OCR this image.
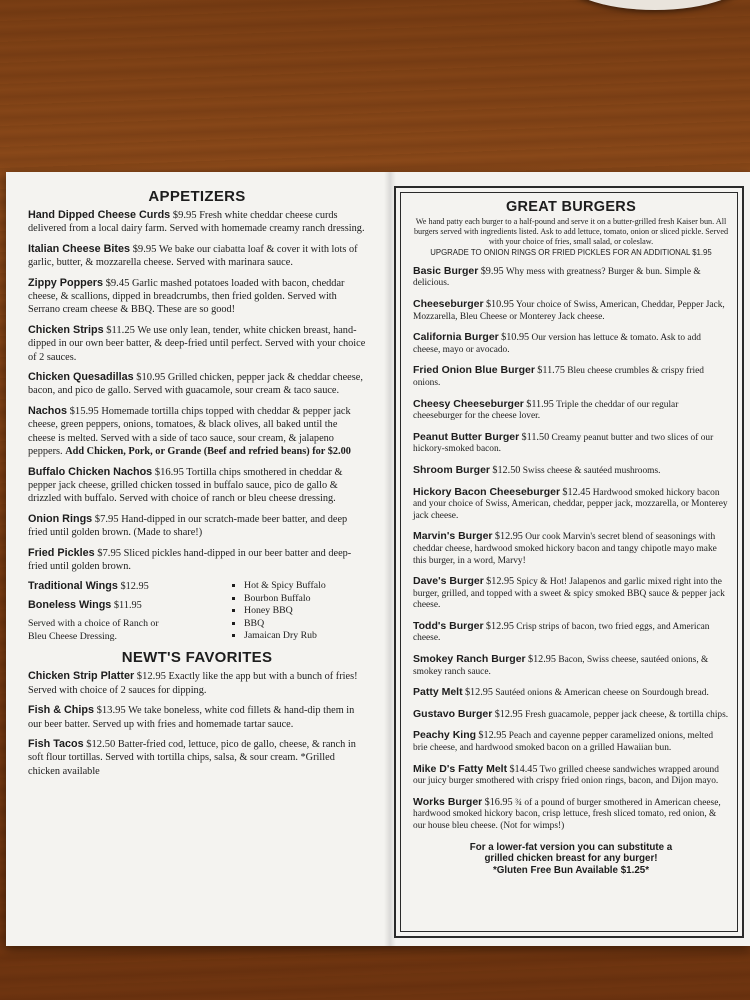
APPETIZERS
Hand Dipped Cheese Curds $9.95 Fresh white cheddar cheese curds delivered from a local dairy farm. Served with homemade creamy ranch dressing.
Italian Cheese Bites $9.95 We bake our ciabatta loaf & cover it with lots of garlic, butter, & mozzarella cheese. Served with marinara sauce.
Zippy Poppers $9.45 Garlic mashed potatoes loaded with bacon, cheddar cheese, & scallions, dipped in breadcrumbs, then fried golden. Served with Serrano cream cheese & BBQ. These are so good!
Chicken Strips $11.25 We use only lean, tender, white chicken breast, hand-dipped in our own beer batter, & deep-fried until perfect. Served with your choice of 2 sauces.
Chicken Quesadillas $10.95 Grilled chicken, pepper jack & cheddar cheese, bacon, and pico de gallo. Served with guacamole, sour cream & taco sauce.
Nachos $15.95 Homemade tortilla chips topped with cheddar & pepper jack cheese, green peppers, onions, tomatoes, & black olives, all baked until the cheese is melted. Served with a side of taco sauce, sour cream, & jalapeno peppers. Add Chicken, Pork, or Grande (Beef and refried beans) for $2.00
Buffalo Chicken Nachos $16.95 Tortilla chips smothered in cheddar & pepper jack cheese, grilled chicken tossed in buffalo sauce, pico de gallo & drizzled with buffalo. Served with choice of ranch or bleu cheese dressing.
Onion Rings $7.95 Hand-dipped in our scratch-made beer batter, and deep fried until golden brown. (Made to share!)
Fried Pickles $7.95 Sliced pickles hand-dipped in our beer batter and deep-fried until golden brown.
Traditional Wings $12.95
Boneless Wings $11.95
Served with a choice of Ranch or Bleu Cheese Dressing.
▪ Hot & Spicy Buffalo
▪ Bourbon Buffalo
▪ Honey BBQ
▪ BBQ
▪ Jamaican Dry Rub
NEWT'S FAVORITES
Chicken Strip Platter $12.95 Exactly like the app but with a bunch of fries! Served with choice of 2 sauces for dipping.
Fish & Chips $13.95 We take boneless, white cod fillets & hand-dip them in our beer batter. Served up with fries and homemade tartar sauce.
Fish Tacos $12.50 Batter-fried cod, lettuce, pico de gallo, cheese, & ranch in soft flour tortillas. Served with tortilla chips, salsa, & sour cream. *Grilled chicken available
GREAT BURGERS
We hand patty each burger to a half-pound and serve it on a butter-grilled fresh Kaiser bun. All burgers served with ingredients listed. Ask to add lettuce, tomato, onion or sliced pickle. Served with your choice of fries, small salad, or coleslaw.
UPGRADE TO ONION RINGS OR FRIED PICKLES FOR AN ADDITIONAL $1.95
Basic Burger $9.95 Why mess with greatness? Burger & bun. Simple & delicious.
Cheeseburger $10.95 Your choice of Swiss, American, Cheddar, Pepper Jack, Mozzarella, Bleu Cheese or Monterey Jack cheese.
California Burger $10.95 Our version has lettuce & tomato. Ask to add cheese, mayo or avocado.
Fried Onion Blue Burger $11.75 Bleu cheese crumbles & crispy fried onions.
Cheesy Cheeseburger $11.95 Triple the cheddar of our regular cheeseburger for the cheese lover.
Peanut Butter Burger $11.50 Creamy peanut butter and two slices of our hickory-smoked bacon.
Shroom Burger $12.50 Swiss cheese & sautéed mushrooms.
Hickory Bacon Cheeseburger $12.45 Hardwood smoked hickory bacon and your choice of Swiss, American, cheddar, pepper jack, mozzarella, or Monterey jack cheese.
Marvin's Burger $12.95 Our cook Marvin's secret blend of seasonings with cheddar cheese, hardwood smoked hickory bacon and tangy chipotle mayo make this burger, in a word, Marvy!
Dave's Burger $12.95 Spicy & Hot! Jalapenos and garlic mixed right into the burger, grilled, and topped with a sweet & spicy smoked BBQ sauce & pepper jack cheese.
Todd's Burger $12.95 Crisp strips of bacon, two fried eggs, and American cheese.
Smokey Ranch Burger $12.95 Bacon, Swiss cheese, sautéed onions, & smokey ranch sauce.
Patty Melt $12.95 Sautéed onions & American cheese on Sourdough bread.
Gustavo Burger $12.95 Fresh guacamole, pepper jack cheese, & tortilla chips.
Peachy King $12.95 Peach and cayenne pepper caramelized onions, melted brie cheese, and hardwood smoked bacon on a grilled Hawaiian bun.
Mike D's Fatty Melt $14.45 Two grilled cheese sandwiches wrapped around our juicy burger smothered with crispy fried onion rings, bacon, and Dijon mayo.
Works Burger $16.95 ¾ of a pound of burger smothered in American cheese, hardwood smoked hickory bacon, crisp lettuce, fresh sliced tomato, red onion, & our house bleu cheese. (Not for wimps!)
For a lower-fat version you can substitute a
grilled chicken breast for any burger!
*Gluten Free Bun Available $1.25*
